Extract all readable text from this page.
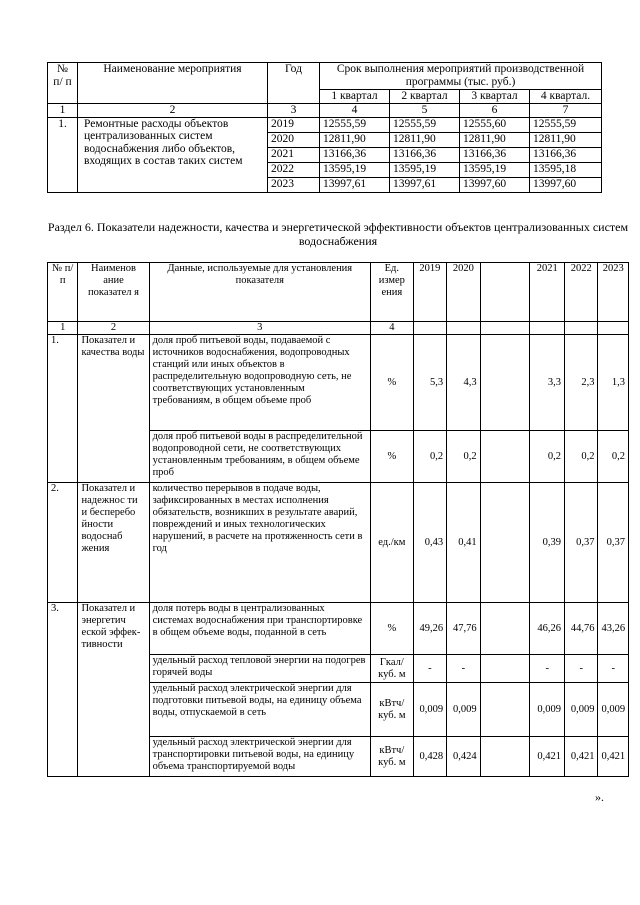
№ п/ п	Наименование мероприятия	Год	Срок выполнения мероприятий производственной программы (тыс. руб.)			
			1 квартал	2 квартал	3 квартал	4 квартал.
1	2	3	4	5	6	7
1.	Ремонтные расходы объектов централизованных систем водоснабжения либо объектов, входящих в состав таких систем	2019	12555,59	12555,59	12555,60	12555,59
		2020	12811,90	12811,90	12811,90	12811,90
		2021	13166,36	13166,36	13166,36	13166,36
		2022	13595,19	13595,19	13595,19	13595,18
		2023	13997,61	13997,61	13997,60	13997,60
Раздел 6. Показатели надежности, качества и энергетической эффективности объектов централизованных систем водоснабжения
№ п/п	Наименов ание показател я	Данные, используемые для установления показателя	Ед. измер ения	2019	2020		2021	2022	2023
1	2	3	4						
1.	Показател и качества воды	доля проб питьевой воды, подаваемой с источников водоснабжения, водопроводных станций или иных объектов в распределительную водопроводную сеть, не соответствующих установленным требованиям, в общем объеме проб	%	5,3	4,3		3,3	2,3	1,3
		доля проб питьевой воды в распределительной водопроводной сети, не соответствующих установленным требованиям, в общем объеме проб	%	0,2	0,2		0,2	0,2	0,2
2.	Показател и надежнос ти и бесперебо йности водоснаб жения	количество перерывов в подаче воды, зафиксированных в местах исполнения обязательств, возникших в результате аварий, повреждений и иных технологических нарушений, в расчете на протяженность сети в год	ед./км	0,43	0,41		0,39	0,37	0,37
3.	Показател и энергетич еской эффек- тивности	доля потерь воды в централизованных системах водоснабжения при транспортировке в общем объеме воды, поданной в сеть	%	49,26	47,76		46,26	44,76	43,26
		удельный расход тепловой энергии на подогрев горячей воды	Гкал/ куб. м	-	-		-	-	-
		удельный расход электрической энергии для подготовки питьевой воды, на единицу объема воды, отпускаемой в сеть	кВтч/ куб. м	0,009	0,009		0,009	0,009	0,009
		удельный расход электрической энергии для транспортировки питьевой воды, на единицу объема транспортируемой воды	кВтч/ куб. м	0,428	0,424		0,421	0,421	0,421
».
